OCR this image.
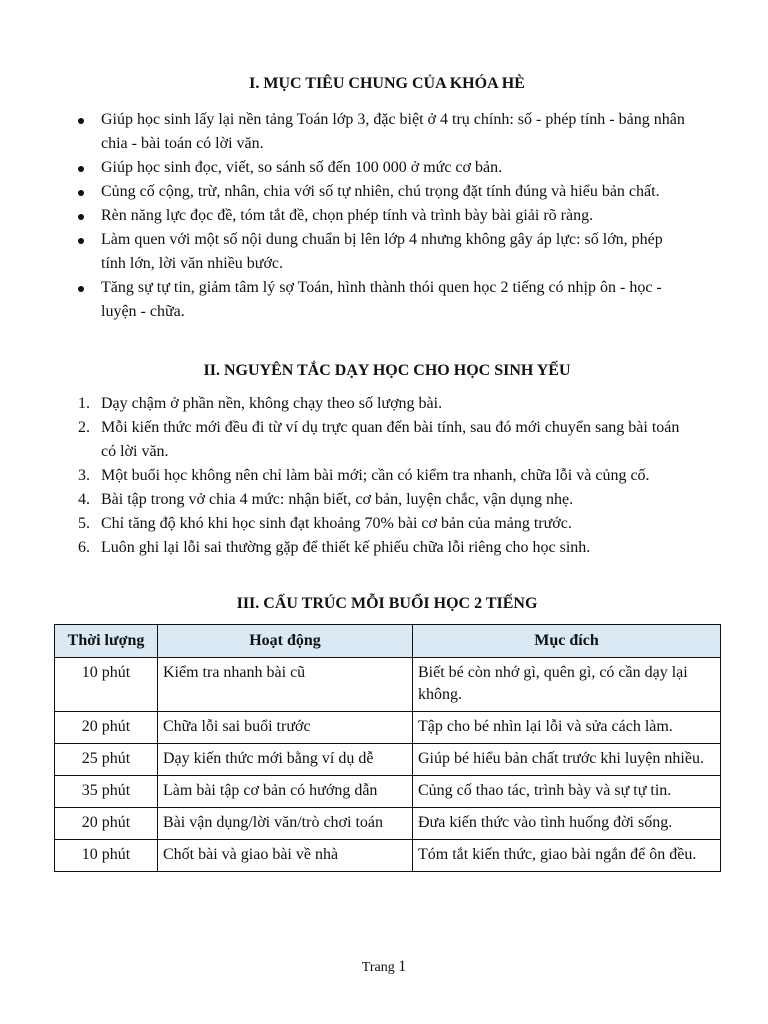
I. MỤC TIÊU CHUNG CỦA KHÓA HÈ
Giúp học sinh lấy lại nền tảng Toán lớp 3, đặc biệt ở 4 trụ chính: số - phép tính - bảng nhân chia - bài toán có lời văn.
Giúp học sinh đọc, viết, so sánh số đến 100 000 ở mức cơ bản.
Củng cố cộng, trừ, nhân, chia với số tự nhiên, chú trọng đặt tính đúng và hiểu bản chất.
Rèn năng lực đọc đề, tóm tắt đề, chọn phép tính và trình bày bài giải rõ ràng.
Làm quen với một số nội dung chuẩn bị lên lớp 4 nhưng không gây áp lực: số lớn, phép tính lớn, lời văn nhiều bước.
Tăng sự tự tin, giảm tâm lý sợ Toán, hình thành thói quen học 2 tiếng có nhịp ôn - học - luyện - chữa.
II. NGUYÊN TẮC DẠY HỌC CHO HỌC SINH YẾU
1. Dạy chậm ở phần nền, không chạy theo số lượng bài.
2. Mỗi kiến thức mới đều đi từ ví dụ trực quan đến bài tính, sau đó mới chuyển sang bài toán có lời văn.
3. Một buổi học không nên chỉ làm bài mới; cần có kiểm tra nhanh, chữa lỗi và củng cố.
4. Bài tập trong vở chia 4 mức: nhận biết, cơ bản, luyện chắc, vận dụng nhẹ.
5. Chỉ tăng độ khó khi học sinh đạt khoảng 70% bài cơ bản của mảng trước.
6. Luôn ghi lại lỗi sai thường gặp để thiết kế phiếu chữa lỗi riêng cho học sinh.
III. CẤU TRÚC MỖI BUỔI HỌC 2 TIẾNG
Thời lượng	Hoạt động	Mục đích
10 phút	Kiểm tra nhanh bài cũ	Biết bé còn nhớ gì, quên gì, có cần dạy lại không.
20 phút	Chữa lỗi sai buổi trước	Tập cho bé nhìn lại lỗi và sửa cách làm.
25 phút	Dạy kiến thức mới bằng ví dụ dễ	Giúp bé hiểu bản chất trước khi luyện nhiều.
35 phút	Làm bài tập cơ bản có hướng dẫn	Củng cố thao tác, trình bày và sự tự tin.
20 phút	Bài vận dụng/lời văn/trò chơi toán	Đưa kiến thức vào tình huống đời sống.
10 phút	Chốt bài và giao bài về nhà	Tóm tắt kiến thức, giao bài ngắn để ôn đều.
Trang 1
